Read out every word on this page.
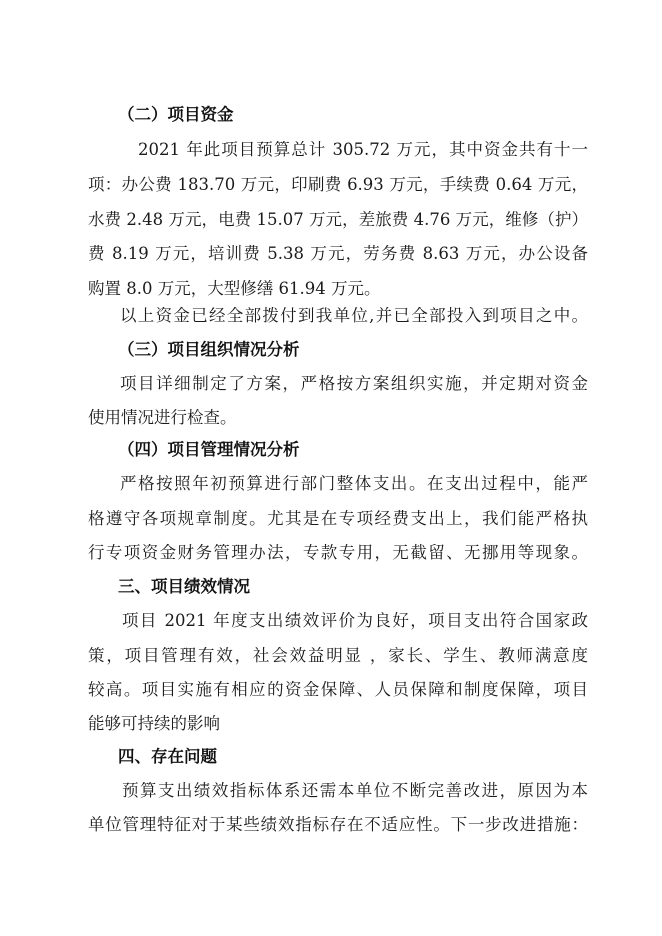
（二）项目资金
2021 年此项目预算总计 305.72 万元，其中资金共有十一
项：办公费 183.70 万元，印刷费 6.93 万元，手续费 0.64 万元，
水费 2.48 万元，电费 15.07 万元，差旅费 4.76 万元，维修（护）
费 8.19 万元，培训费 5.38 万元，劳务费 8.63 万元，办公设备
购置 8.0 万元，大型修缮 61.94 万元。
以上资金已经全部拨付到我单位,并已全部投入到项目之中。
（三）项目组织情况分析
项目详细制定了方案，严格按方案组织实施，并定期对资金
使用情况进行检查。
（四）项目管理情况分析
严格按照年初预算进行部门整体支出。在支出过程中，能严
格遵守各项规章制度。尤其是在专项经费支出上，我们能严格执
行专项资金财务管理办法，专款专用，无截留、无挪用等现象。
三、项目绩效情况
项目 2021 年度支出绩效评价为良好，项目支出符合国家政
策，项目管理有效，社会效益明显 ，家长、学生、教师满意度
较高。项目实施有相应的资金保障、人员保障和制度保障，项目
能够可持续的影响
四、存在问题
预算支出绩效指标体系还需本单位不断完善改进，原因为本
单位管理特征对于某些绩效指标存在不适应性。下一步改进措施：
